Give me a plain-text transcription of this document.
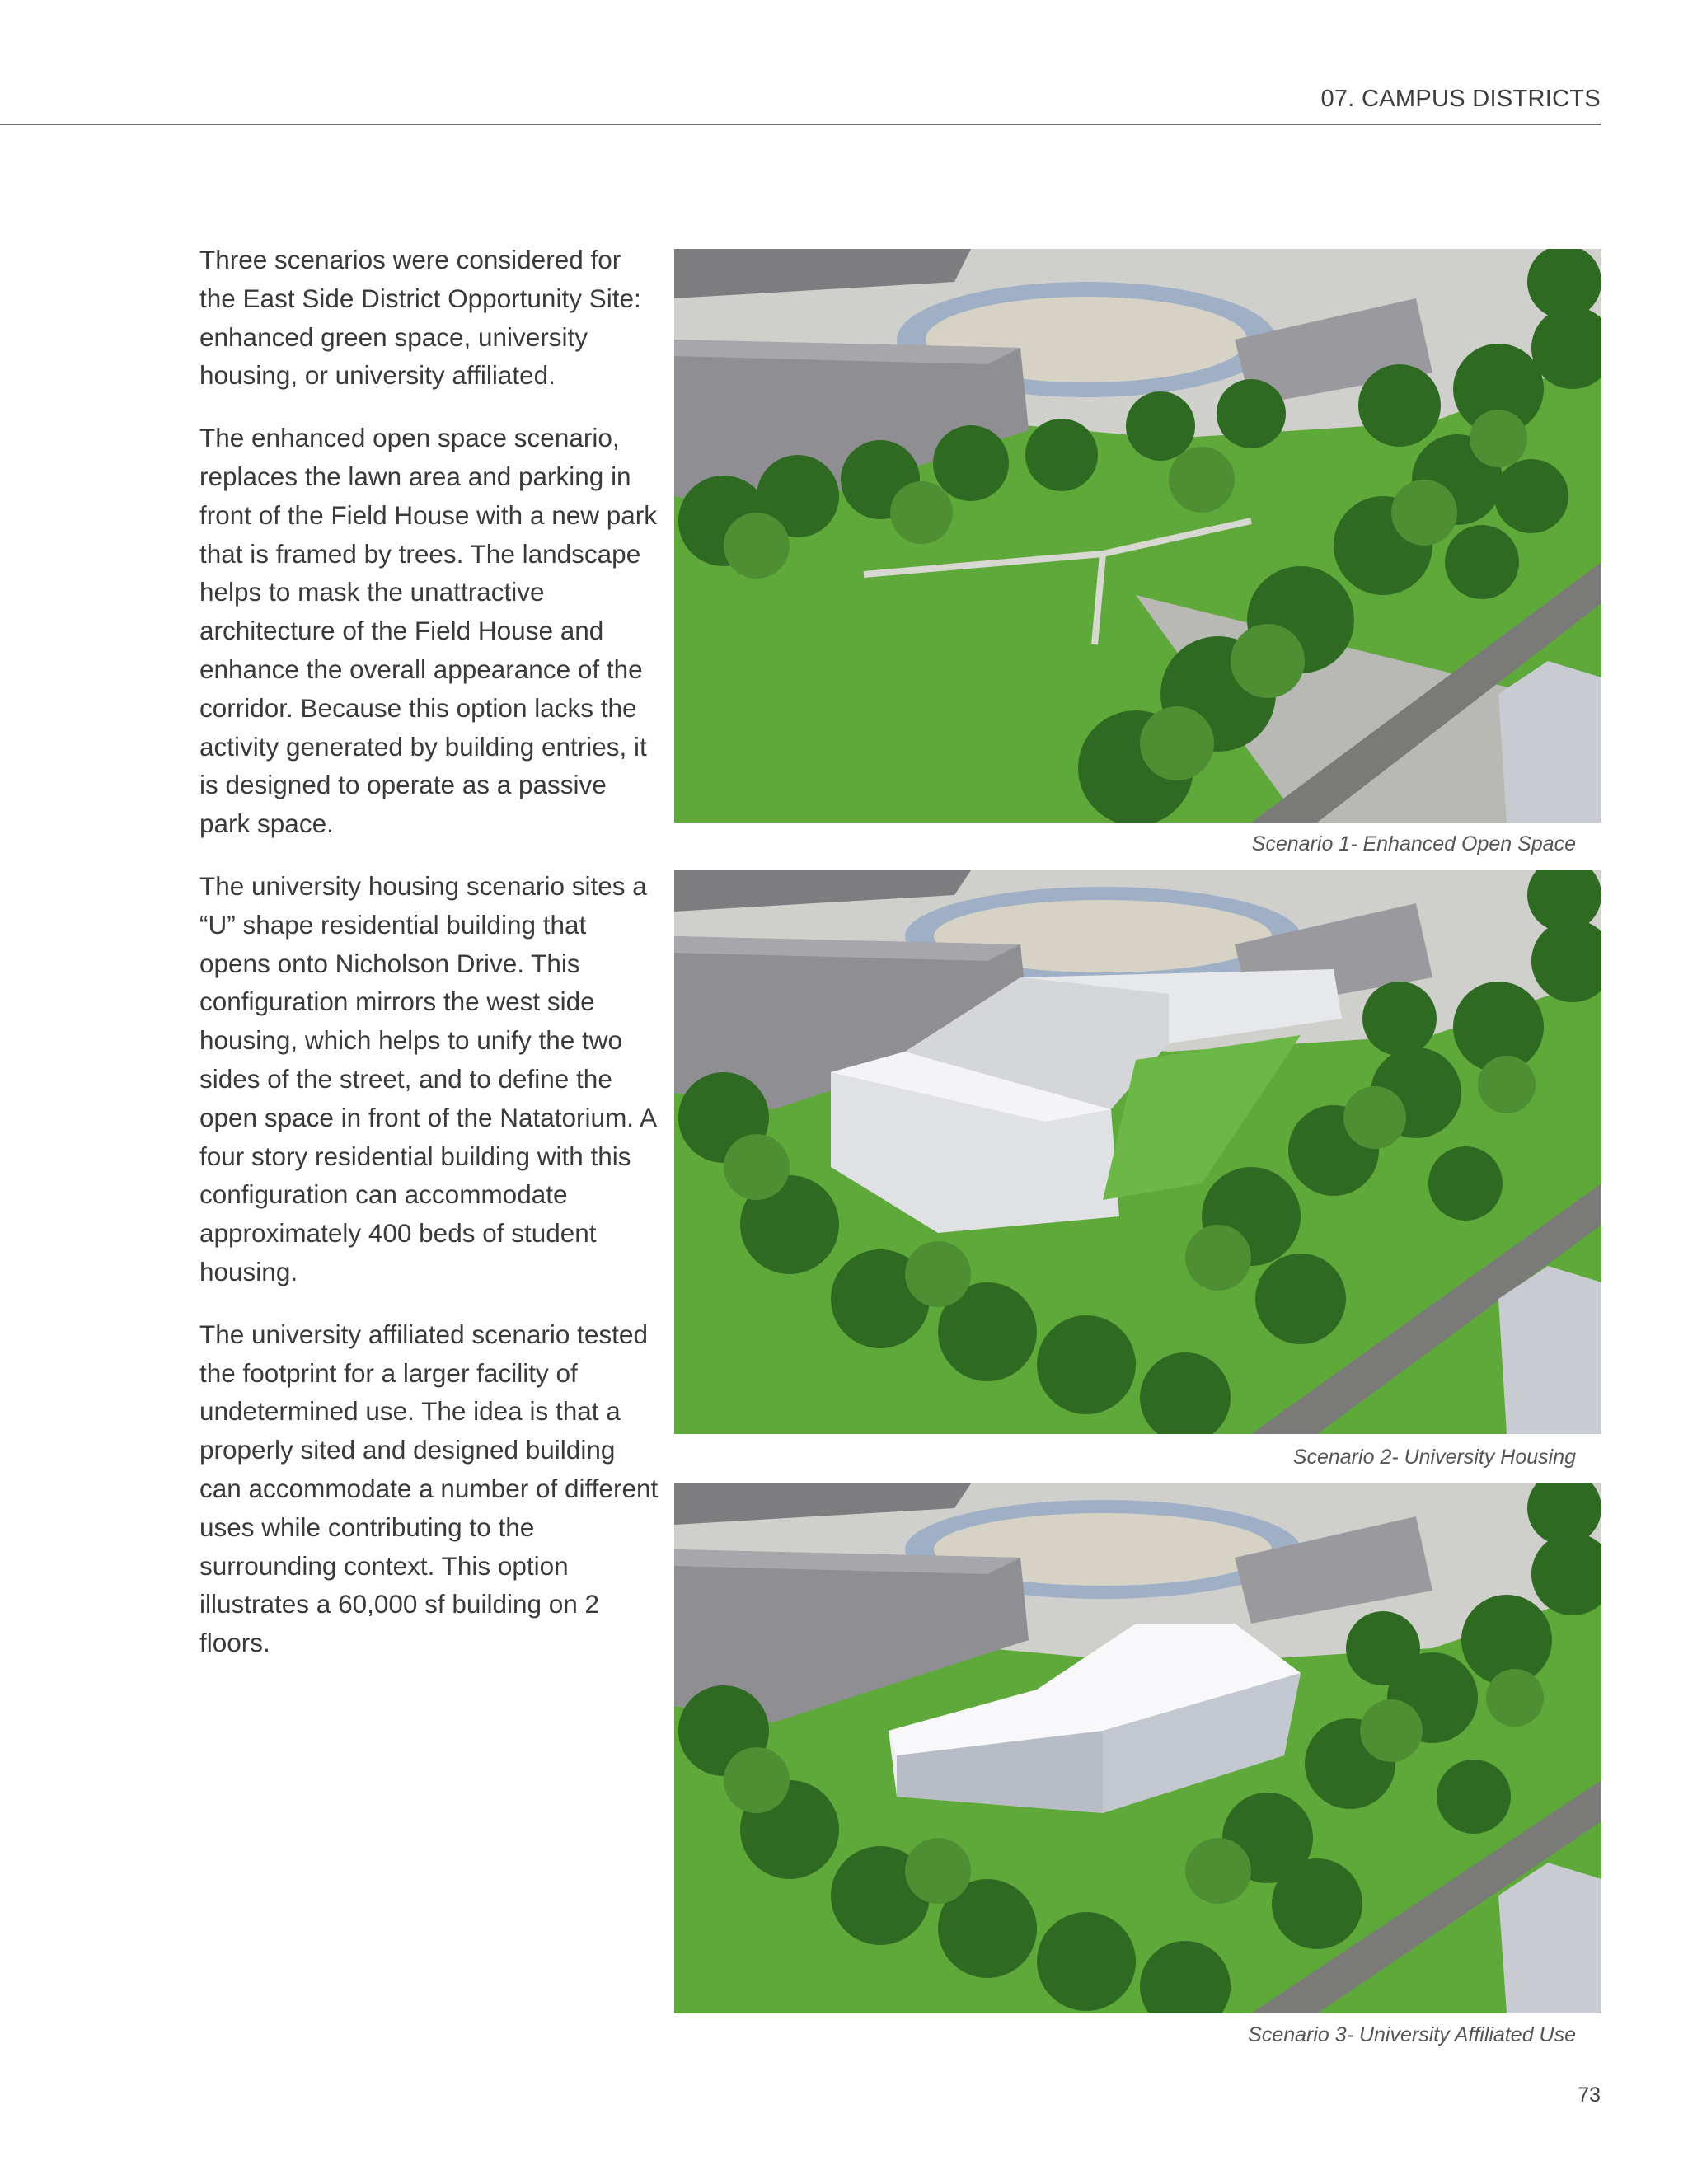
07. CAMPUS DISTRICTS

Three scenarios were considered for the East Side District Opportunity Site: enhanced green space, university housing, or university affiliated.

The enhanced open space scenario, replaces the lawn area and parking in front of the Field House with a new park that is framed by trees. The landscape helps to mask the unattractive architecture of the Field House and enhance the overall appearance of the corridor. Because this option lacks the activity generated by building entries, it is designed to operate as a passive park space.

The university housing scenario sites a “U” shape residential building that opens onto Nicholson Drive. This configuration mirrors the west side housing, which helps to unify the two sides of the street, and to define the open space in front of the Natatorium. A four story residential building with this configuration can accommodate approximately 400 beds of student housing.

The university affiliated scenario tested the footprint for a larger facility of undetermined use. The idea is that a properly sited and designed building can accommodate a number of different uses while contributing to the surrounding context. This option illustrates a 60,000 sf building on 2 floors.

Scenario 1- Enhanced Open Space
Scenario 2- University Housing
Scenario 3- University Affiliated Use
73
